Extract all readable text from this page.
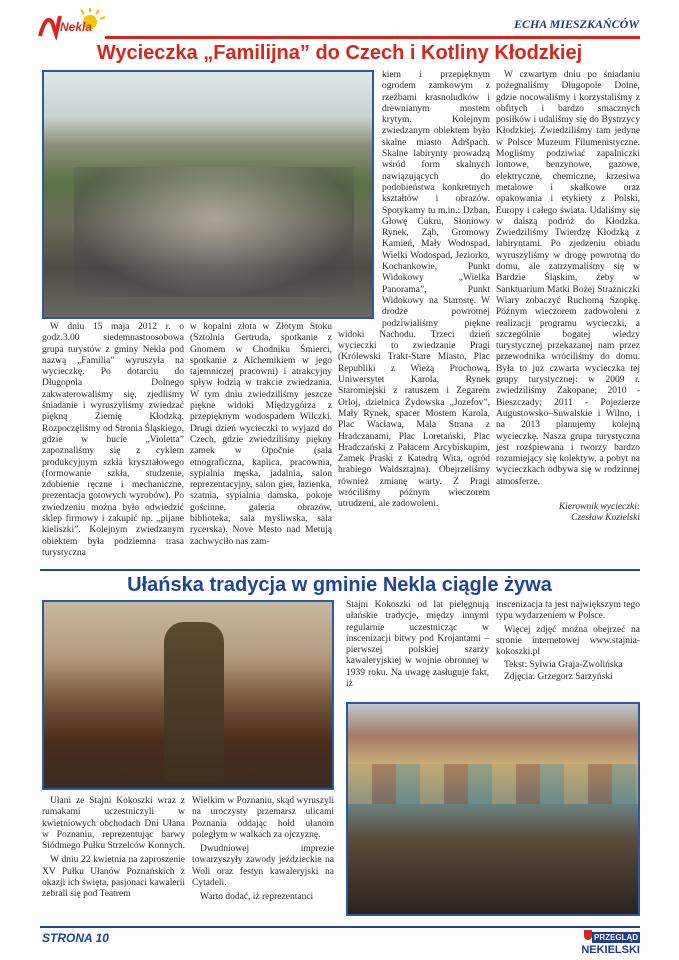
Nekla	ECHA MIESZKAŃCÓW
Wycieczka „Familijna” do Czech i Kotliny Kłodzkiej

W dniu 15 maja 2012 r. o godz.3.00 siedemnastoosobowa grupa turystów z gminy Nekla pod nazwą „Familia” wyruszyła na wycieczkę. Po dotarciu do Długopola Dolnego zakwaterowaliśmy się, zjedliśmy śniadanie i wyruszyliśmy zwiedzać piękną Ziemię Kłodzką. Rozpoczęliśmy od Stronia Śląskiego, gdzie w hucie „Violetta” zapoznaliśmy się z cyklem produkcyjnym szkła kryształowego (formowanie szkła, studzenie, zdobienie ręczne i mechaniczne, prezentacja gotowych wyrobów). Po zwiedzeniu można było odwiedzić sklep firmowy i zakupić np. „pijane kieliszki”. Kolejnym zwiedzanym obiektem była podziemna trasa turystyczna

w kopalni złota w Złotym Stoku (Sztolnia Gertruda, spotkanie z Gnomem w Chodniku Śmierci, spotkanie z Alchemikiem w jego tajemniczej pracowni) i atrakcyjny spływ łodzią w trakcie zwiedzania. W tym dniu zwiedziliśmy jeszcze piękne widoki Międzygórza z przepięknym wodospadem Wilczki. Drugi dzień wycieczki to wyjazd do Czech, gdzie zwiedziliśmy piękny zamek w Opočnie (sala etnograficzna, kaplica, pracownia, sypialnia męska, jadalnia, salon reprezentacyjny, salon gier, łazienka, szatnia, sypialnia damska, pokoje gościnne, galeria obrazów, biblioteka, sala myśliwska, sala rycerska). Nove Mesto nad Metują zachwyciło nas zam-

kiem i przepięknym ogrodem zamkowym z rzeźbami krasnoludków i drewnianym mostem krytym. Kolejnym zwiedzanym obiektem było skalne miasto Adršpach. Skalne labirynty prowadzą wśród form skalnych nawiązujących do podobieństwa konkretnych kształtów i obrazów. Spotykamy tu m.in.: Dzban, Głowę Cukru, Słoniowy Rynek, Ząb, Gromowy Kamień, Mały Wodospad, Wielki Wodospad, Jeziorko, Kochankowie, Punkt Widokowy „Wielka Panorama”, Punkt Widokowy na Starostę. W drodze powrotnej podziwialiśmy piękne widoki Nachodu. Trzeci dzień wycieczki to zwiedzanie Pragi (Królewski Trakt-Stare Miasto, Plac Republiki z Wieżą Prochową, Uniwersytet Karola, Rynek Staromiejski z ratuszem i Zegarem Orloj, dzielnica Żydowska „Jozefov”, Mały Rynek, spacer Mostem Karola, Plac Wacława, Mala Strana z Hradczanami, Plac Loretański, Plac Hradczański z Pałacem Arcybiskupim, Zamek Praski z Katedrą Wita, ogród hrabiego Waldsztajna). Obejrzeliśmy również zmianę warty. Z Pragi wróciliśmy późnym wieczorem utrudzeni, ale zadowoleni.

W czwartym dniu po śniadaniu pożegnaliśmy Długopole Dolne, gdzie nocowaliśmy i korzystaliśmy z obfitych i bardzo smacznych posiłków i udaliśmy się do Bystrzycy Kłodzkiej. Zwiedziliśmy tam jedyne w Polsce Muzeum Filumenistyczne. Mogliśmy podziwiać zapalniczki lontowe, benzynowe, gazowe, elektryczne, chemiczne, krzesiwa metalowe i skałkowe oraz opakowania i etykiety z Polski, Europy i całego świata. Udaliśmy się w dalszą podróż do Kłodzka. Zwiedziliśmy Twierdzę Kłodzką z labiryntami. Po zjedzeniu obiadu wyruszyliśmy w drogę powrotną do domu, ale zatrzymaliśmy się w Bardzie Śląskim, żeby w Sanktuarium Matki Bożej Strażniczki Wiary zobaczyć Ruchomą Szopkę. Późnym wieczorem zadowoleni z realizacji programu wycieczki, a szczególnie bogatej wiedzy turystycznej przekazanej nam przez przewodnika wróciliśmy do domu. Była to już czwarta wycieczka tej grupy turystycznej: w 2009 r. zwiedziliśmy Zakopane; 2010 - Bieszczady; 2011 - Pojezierze Augustowsko–Suwalskie i Wilno, i na 2013 planujemy kolejną wycieczkę. Nasza grupa turystyczna jest rozśpiewana i tworzy bardzo rozumiejący się kolektyw, a pobyt na wycieczkach odbywa się w rodzinnej atmosferze.

Kierownik wycieczki:

Czesław Kozielski

Ułańska tradycja w gminie Nekla ciągle żywa

Ułani ze Stajni Kokoszki wraz z rumakami uczestniczyli w kwietniowych obchodach Dni Ułana w Poznaniu, reprezentując barwy Siódmego Pułku Strzelców Konnych.

W dniu 22 kwietnia na zaproszenie XV Pułku Ułanów Poznańskich z okazji ich święta, pasjonaci kawalerii zebrali się pod Teatrem

Wielkim w Poznaniu, skąd wyruszyli na uroczysty przemarsz ulicami Poznania oddając hołd ułanom poległym w walkach za ojczyznę.

Dwudniowej imprezie towarzyszyły zawody jeździeckie na Woli oraz festyn kawaleryjski na Cytadeli.

Warto dodać, iż reprezentanci

Stajni Kokoszki od lat pielęgnują ułańskie tradycje, między innymi regularnie uczestnicząc w inscenizacji bitwy pod Krojantami – pierwszej polskiej szarży kawaleryjskiej w wojnie obronnej w 1939 roku. Na uwagę zasługuje fakt, iż

inscenizacja ta jest największym tego typu wydarzeniem w Polsce.

Więcej zdjęć można obejrzeć na stronie internetowej www.stajnia-kokoszki.pl

Tekst: Sylwia Graja-Zwolińska

Zdjęcia: Grzegorz Sarzyński

STRONA 10	PRZEGLĄD
NEKIELSKI
